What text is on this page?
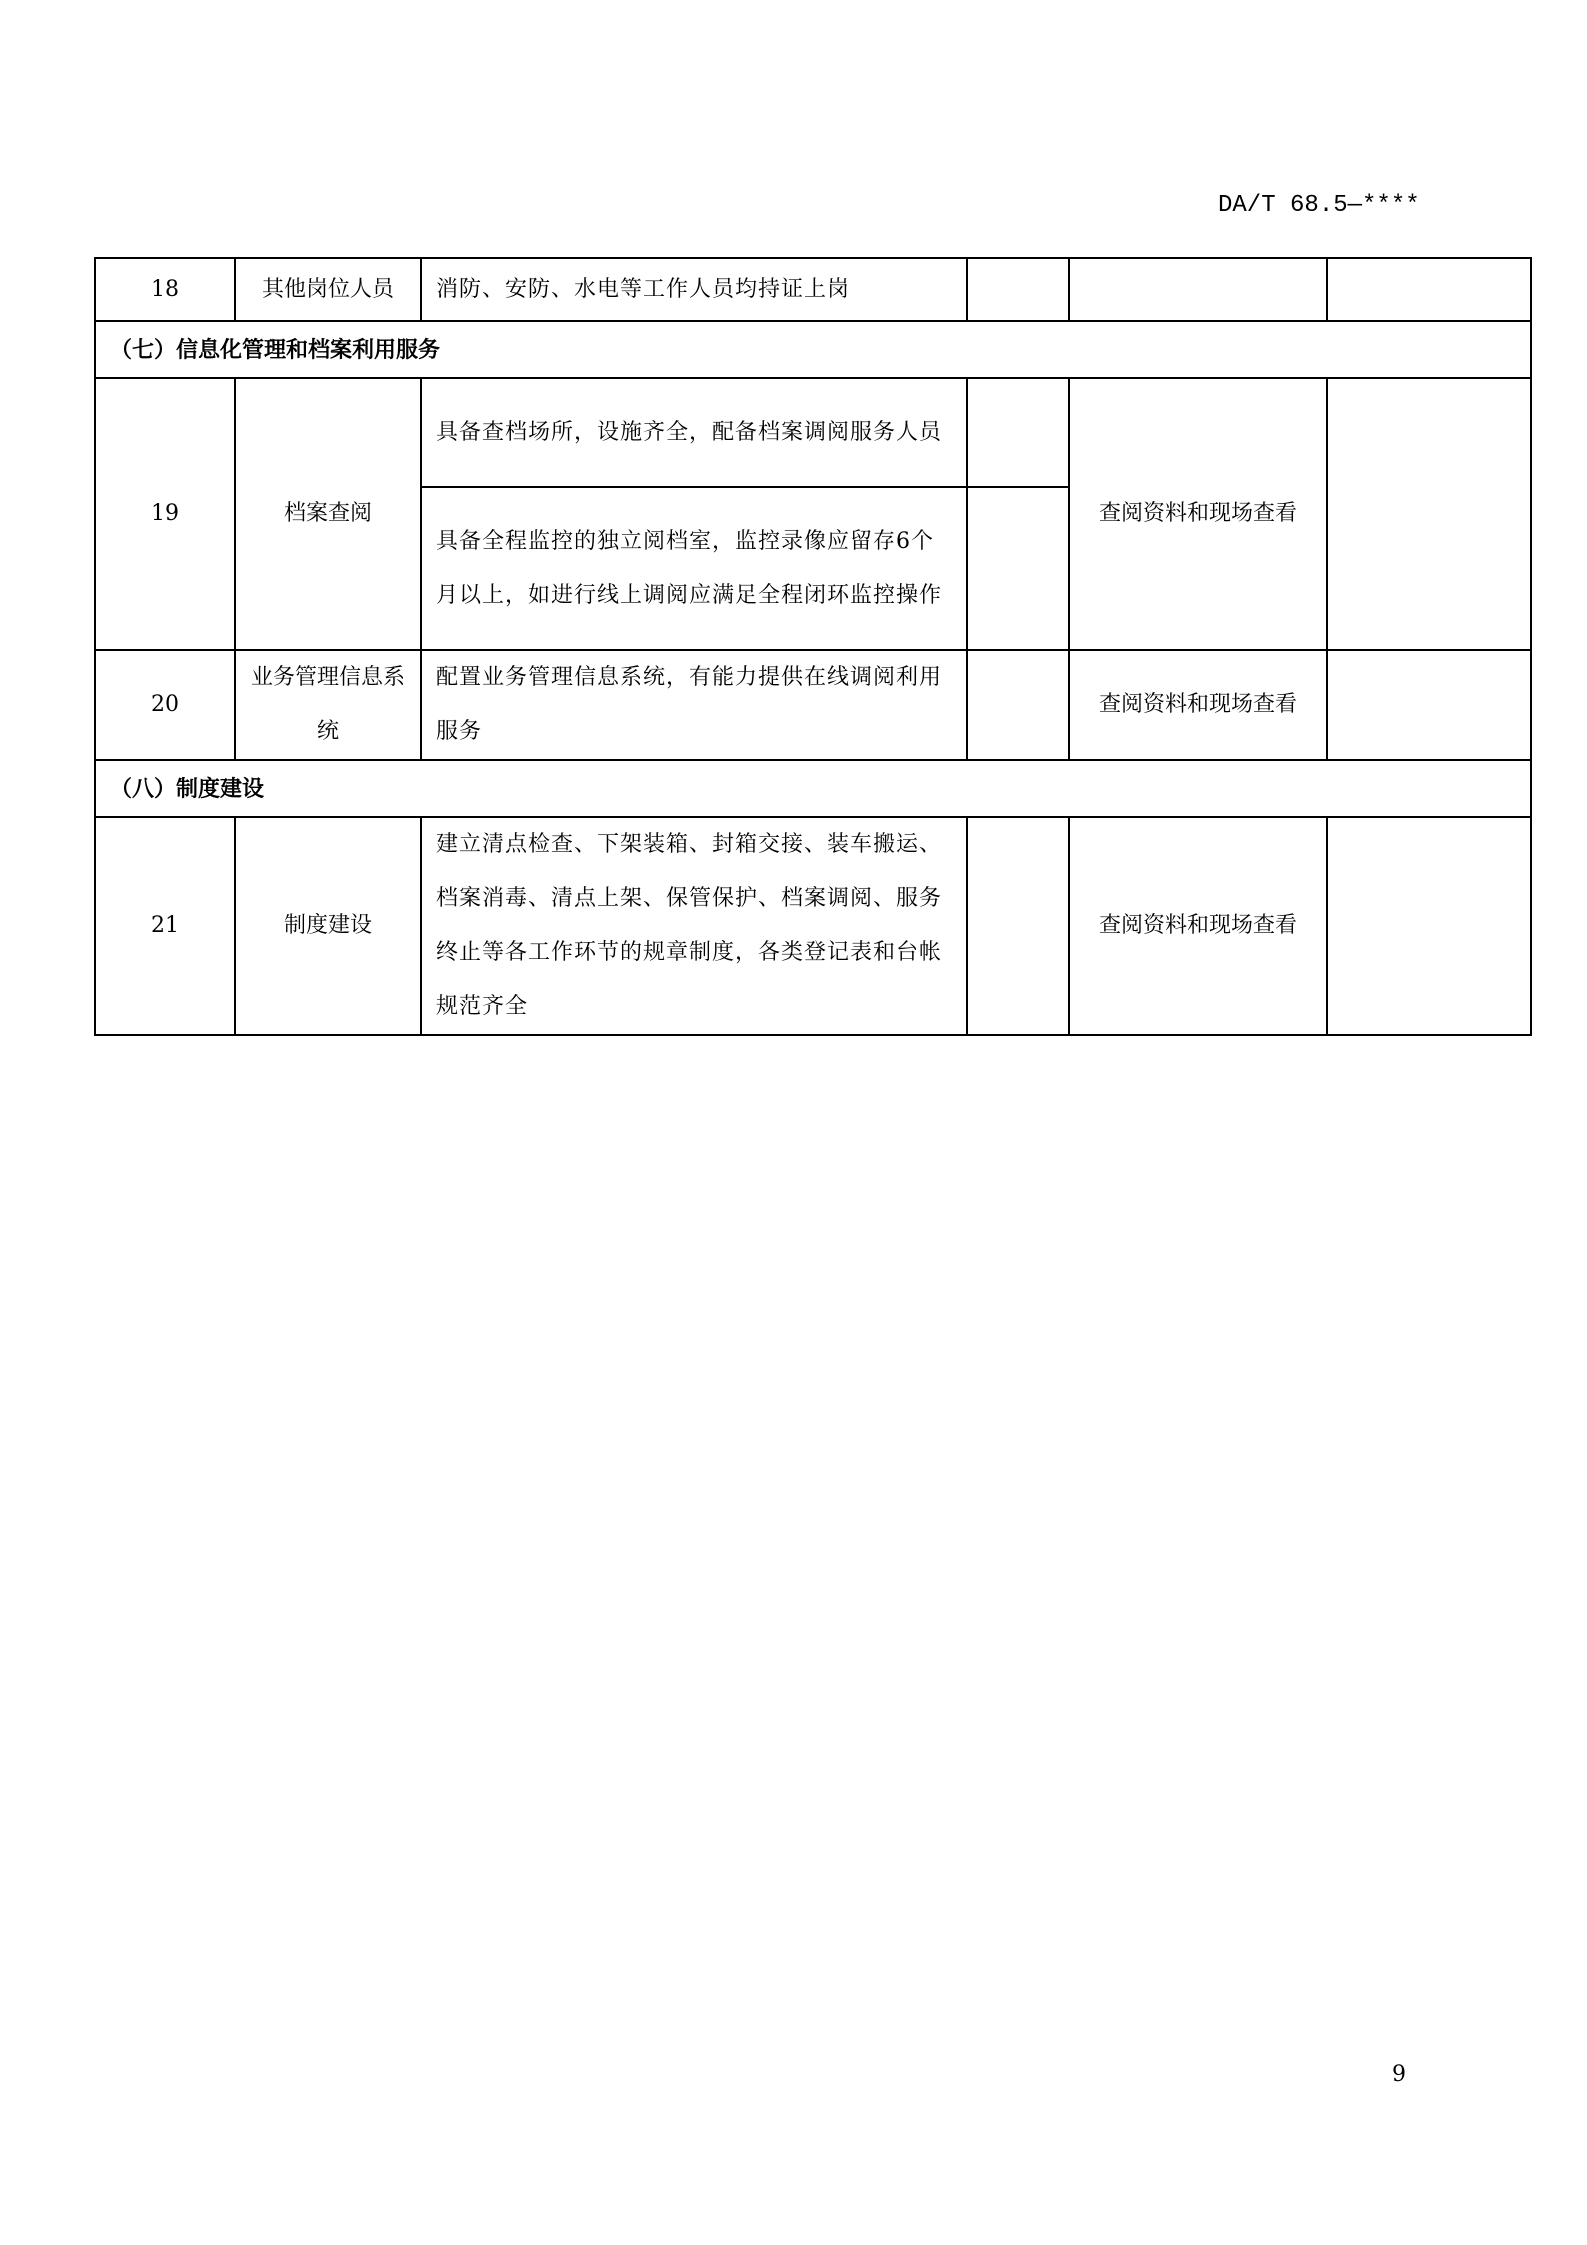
DA/T 68.5—****
18	其他岗位人员	消防、安防、水电等工作人员均持证上岗			
（七）信息化管理和档案利用服务					
19	档案查阅	具备查档场所，设施齐全，配备档案调阅服务人员		查阅资料和现场查看	
		具备全程监控的独立阅档室，监控录像应留存6个月以上，如进行线上调阅应满足全程闭环监控操作			
20	业务管理信息系统	配置业务管理信息系统，有能力提供在线调阅利用服务		查阅资料和现场查看	
（八）制度建设					
21	制度建设	建立清点检查、下架装箱、封箱交接、装车搬运、档案消毒、清点上架、保管保护、档案调阅、服务终止等各工作环节的规章制度，各类登记表和台帐规范齐全		查阅资料和现场查看	
9
